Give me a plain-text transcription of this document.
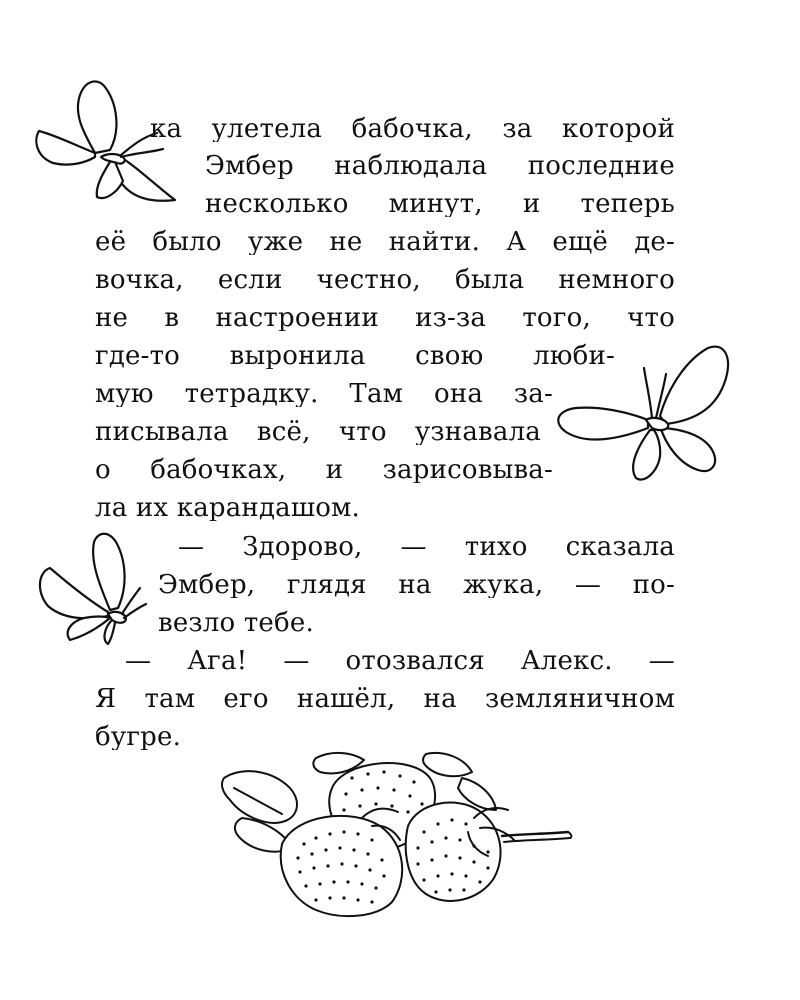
ка улетела бабочка, за которой
Эмбер наблюдала последние
несколько минут, и теперь
её было уже не найти. А ещё де-
вочка, если честно, была немного
не в настроении из-за того, что
где-то выронила свою люби-
мую тетрадку. Там она за-
писывала всё, что узнавала
о бабочках, и зарисовыва-
ла их карандашом.
— Здорово, — тихо сказала
Эмбер, глядя на жука, — по-
везло тебе.
— Ага! — отозвался Алекс. —
Я там его нашёл, на земляничном
бугре.
